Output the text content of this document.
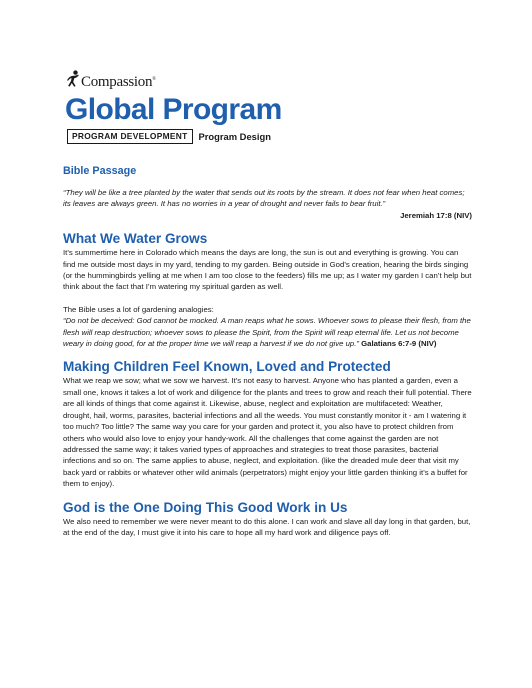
Compassion®
Global Program
PROGRAM DEVELOPMENT	Program Design
Bible Passage

“They will be like a tree planted by the water that sends out its roots by the stream. It does not fear when heat comes; its leaves are always green. It has no worries in a year of drought and never fails to bear fruit.”

Jeremiah 17:8 (NIV)

What We Water Grows

It’s summertime here in Colorado which means the days are long, the sun is out and everything is growing. You can find me outside most days in my yard, tending to my garden. Being outside in God’s creation, hearing the birds singing (or the hummingbirds yelling at me when I am too close to the feeders) fills me up; as I water my garden I can’t help but think about the fact that I’m watering my spiritual garden as well.

The Bible uses a lot of gardening analogies:

“Do not be deceived: God cannot be mocked. A man reaps what he sows. Whoever sows to please their flesh, from the flesh will reap destruction; whoever sows to please the Spirit, from the Spirit will reap eternal life. Let us not become weary in doing good, for at the proper time we will reap a harvest if we do not give up.” Galatians 6:7-9 (NIV)

Making Children Feel Known, Loved and Protected

What we reap we sow; what we sow we harvest. It’s not easy to harvest. Anyone who has planted a garden, even a small one, knows it takes a lot of work and diligence for the plants and trees to grow and reach their full potential. There are all kinds of things that come against it. Likewise, abuse, neglect and exploitation are multifaceted: Weather, drought, hail, worms, parasites, bacterial infections and all the weeds. You must constantly monitor it - am I watering it too much? Too little? The same way you care for your garden and protect it, you also have to protect children from others who would also love to enjoy your handy-work. All the challenges that come against the garden are not addressed the same way; it takes varied types of approaches and strategies to treat those parasites, bacterial infections and so on. The same applies to abuse, neglect, and exploitation. (like the dreaded mule deer that visit my back yard or rabbits or whatever other wild animals (perpetrators) might enjoy your little garden thinking it’s a buffet for them to enjoy).

God is the One Doing This Good Work in Us

We also need to remember we were never meant to do this alone. I can work and slave all day long in that garden, but, at the end of the day, I must give it into his care to hope all my hard work and diligence pays off.
